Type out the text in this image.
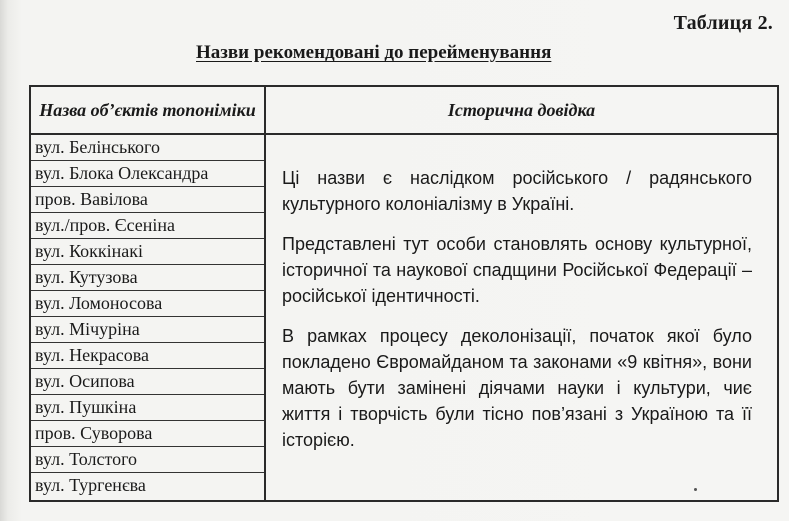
Таблиця 2.
Назви рекомендовані до перейменування
Назва об’єктів топоніміки	Історична довідка
вул. Белінського
вул. Блока Олександра
пров. Вавілова
вул./пров. Єсеніна
вул. Коккінакі
вул. Кутузова
вул. Ломоносова
вул. Мічуріна
вул. Некрасова
вул. Осипова
вул. Пушкіна
пров. Суворова
вул. Толстого
вул. Тургенєва

Ці назви є наслідком російського / радянського культурного колоніалізму в Україні.

Представлені тут особи становлять основу культурної, історичної та наукової спадщини Російської Федерації – російської ідентичності.

В рамках процесу деколонізації, початок якої було покладено Євромайданом та законами «9 квітня», вони мають бути замінені діячами науки і культури, чиє життя і творчість були тісно пов’язані з Україною та її історією.
